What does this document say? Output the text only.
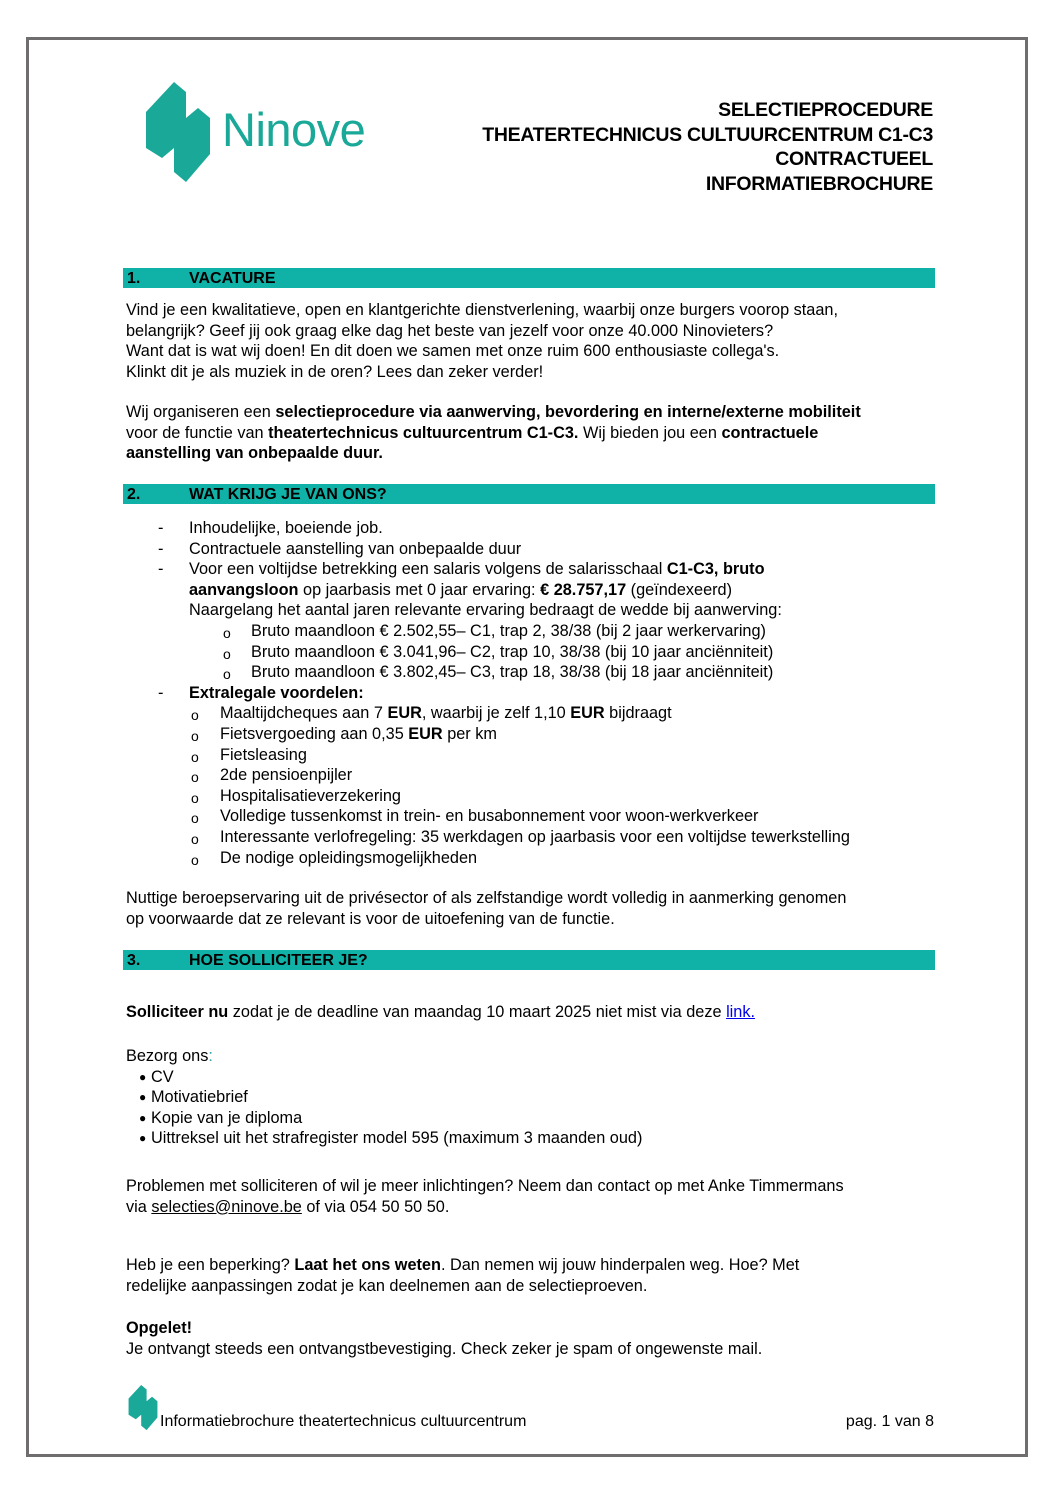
Ninove	SELECTIEPROCEDURE
THEATERTECHNICUS CULTUURCENTRUM C1-C3
CONTRACTUEEL
INFORMATIEBROCHURE
1.	VACATURE

Vind je een kwalitatieve, open en klantgerichte dienstverlening, waarbij onze burgers voorop staan,

belangrijk? Geef jij ook graag elke dag het beste van jezelf voor onze 40.000 Ninovieters?

Want dat is wat wij doen! En dit doen we samen met onze ruim 600 enthousiaste collega's.

Klinkt dit je als muziek in de oren? Lees dan zeker verder!

Wij organiseren een selectieprocedure via aanwerving, bevordering en interne/externe mobiliteit

voor de functie van theatertechnicus cultuurcentrum C1-C3. Wij bieden jou een contractuele

aanstelling van onbepaalde duur.

2.	WAT KRIJG JE VAN ONS?
- Inhoudelijke, boeiende job.
- Contractuele aanstelling van onbepaalde duur
- Voor een voltijdse betrekking een salaris volgens de salarisschaal C1-C3, bruto
aanvangsloon op jaarbasis met 0 jaar ervaring: € 28.757,17 (geïndexeerd)
Naargelang het aantal jaren relevante ervaring bedraagt de wedde bij aanwerving:
o Bruto maandloon € 2.502,55– C1, trap 2, 38/38 (bij 2 jaar werkervaring)
o Bruto maandloon € 3.041,96– C2, trap 10, 38/38 (bij 10 jaar anciënniteit)
o Bruto maandloon € 3.802,45– C3, trap 18, 38/38 (bij 18 jaar anciënniteit)
- Extralegale voordelen:
o Maaltijdcheques aan 7 EUR, waarbij je zelf 1,10 EUR bijdraagt
o Fietsvergoeding aan 0,35 EUR per km
o Fietsleasing
o 2de pensioenpijler
o Hospitalisatieverzekering
o Volledige tussenkomst in trein- en busabonnement voor woon-werkverkeer
o Interessante verlofregeling: 35 werkdagen op jaarbasis voor een voltijdse tewerkstelling
o De nodige opleidingsmogelijkheden

Nuttige beroepservaring uit de privésector of als zelfstandige wordt volledig in aanmerking genomen

op voorwaarde dat ze relevant is voor de uitoefening van de functie.

3.	HOE SOLLICITEER JE?

Solliciteer nu zodat je de deadline van maandag 10 maart 2025 niet mist via deze link.

Bezorg ons:

● CV
● Motivatiebrief
● Kopie van je diploma
● Uittreksel uit het strafregister model 595 (maximum 3 maanden oud)

Problemen met solliciteren of wil je meer inlichtingen? Neem dan contact op met Anke Timmermans

via selecties@ninove.be of via 054 50 50 50.

Heb je een beperking? Laat het ons weten. Dan nemen wij jouw hinderpalen weg. Hoe? Met

redelijke aanpassingen zodat je kan deelnemen aan de selectieproeven.

Opgelet!

Je ontvangt steeds een ontvangstbevestiging. Check zeker je spam of ongewenste mail.

Informatiebrochure theatertechnicus cultuurcentrum	pag. 1 van 8
